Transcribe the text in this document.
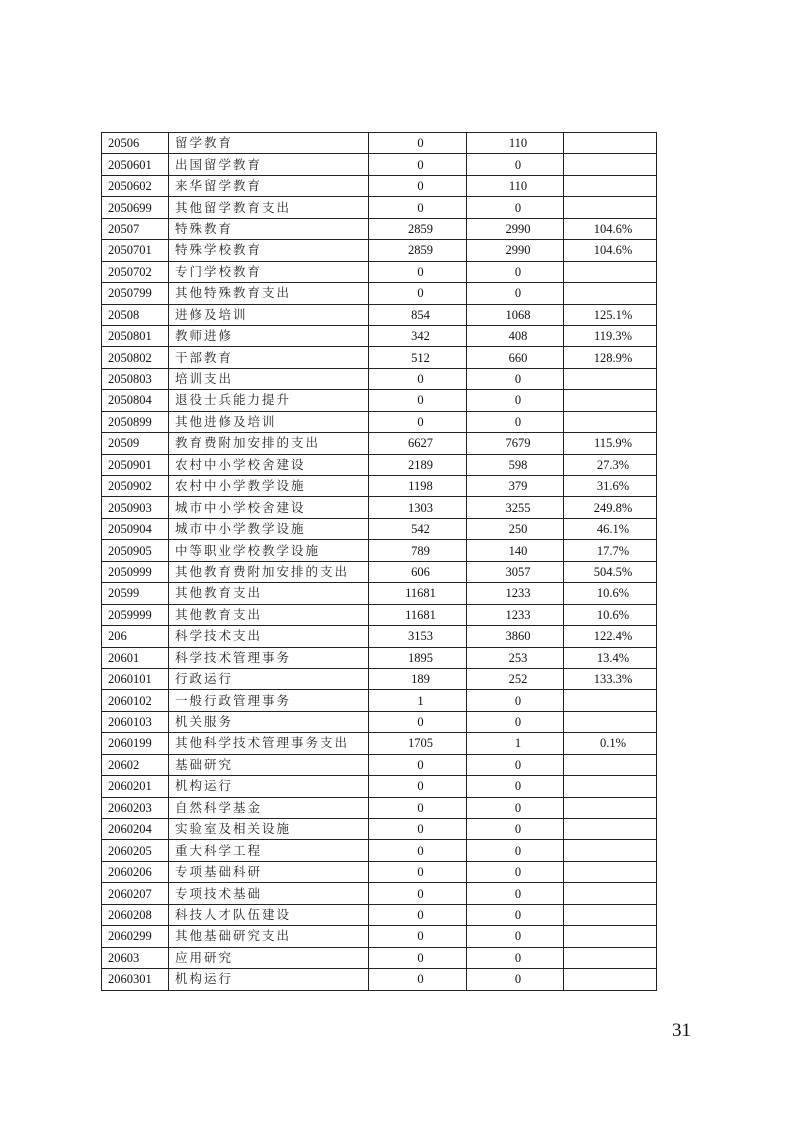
20506	留学教育	0	110	
2050601	出国留学教育	0	0	
2050602	来华留学教育	0	110	
2050699	其他留学教育支出	0	0	
20507	特殊教育	2859	2990	104.6%
2050701	特殊学校教育	2859	2990	104.6%
2050702	专门学校教育	0	0	
2050799	其他特殊教育支出	0	0	
20508	进修及培训	854	1068	125.1%
2050801	教师进修	342	408	119.3%
2050802	干部教育	512	660	128.9%
2050803	培训支出	0	0	
2050804	退役士兵能力提升	0	0	
2050899	其他进修及培训	0	0	
20509	教育费附加安排的支出	6627	7679	115.9%
2050901	农村中小学校舍建设	2189	598	27.3%
2050902	农村中小学教学设施	1198	379	31.6%
2050903	城市中小学校舍建设	1303	3255	249.8%
2050904	城市中小学教学设施	542	250	46.1%
2050905	中等职业学校教学设施	789	140	17.7%
2050999	其他教育费附加安排的支出	606	3057	504.5%
20599	其他教育支出	11681	1233	10.6%
2059999	其他教育支出	11681	1233	10.6%
206	科学技术支出	3153	3860	122.4%
20601	科学技术管理事务	1895	253	13.4%
2060101	行政运行	189	252	133.3%
2060102	一般行政管理事务	1	0	
2060103	机关服务	0	0	
2060199	其他科学技术管理事务支出	1705	1	0.1%
20602	基础研究	0	0	
2060201	机构运行	0	0	
2060203	自然科学基金	0	0	
2060204	实验室及相关设施	0	0	
2060205	重大科学工程	0	0	
2060206	专项基础科研	0	0	
2060207	专项技术基础	0	0	
2060208	科技人才队伍建设	0	0	
2060299	其他基础研究支出	0	0	
20603	应用研究	0	0	
2060301	机构运行	0	0	
31
